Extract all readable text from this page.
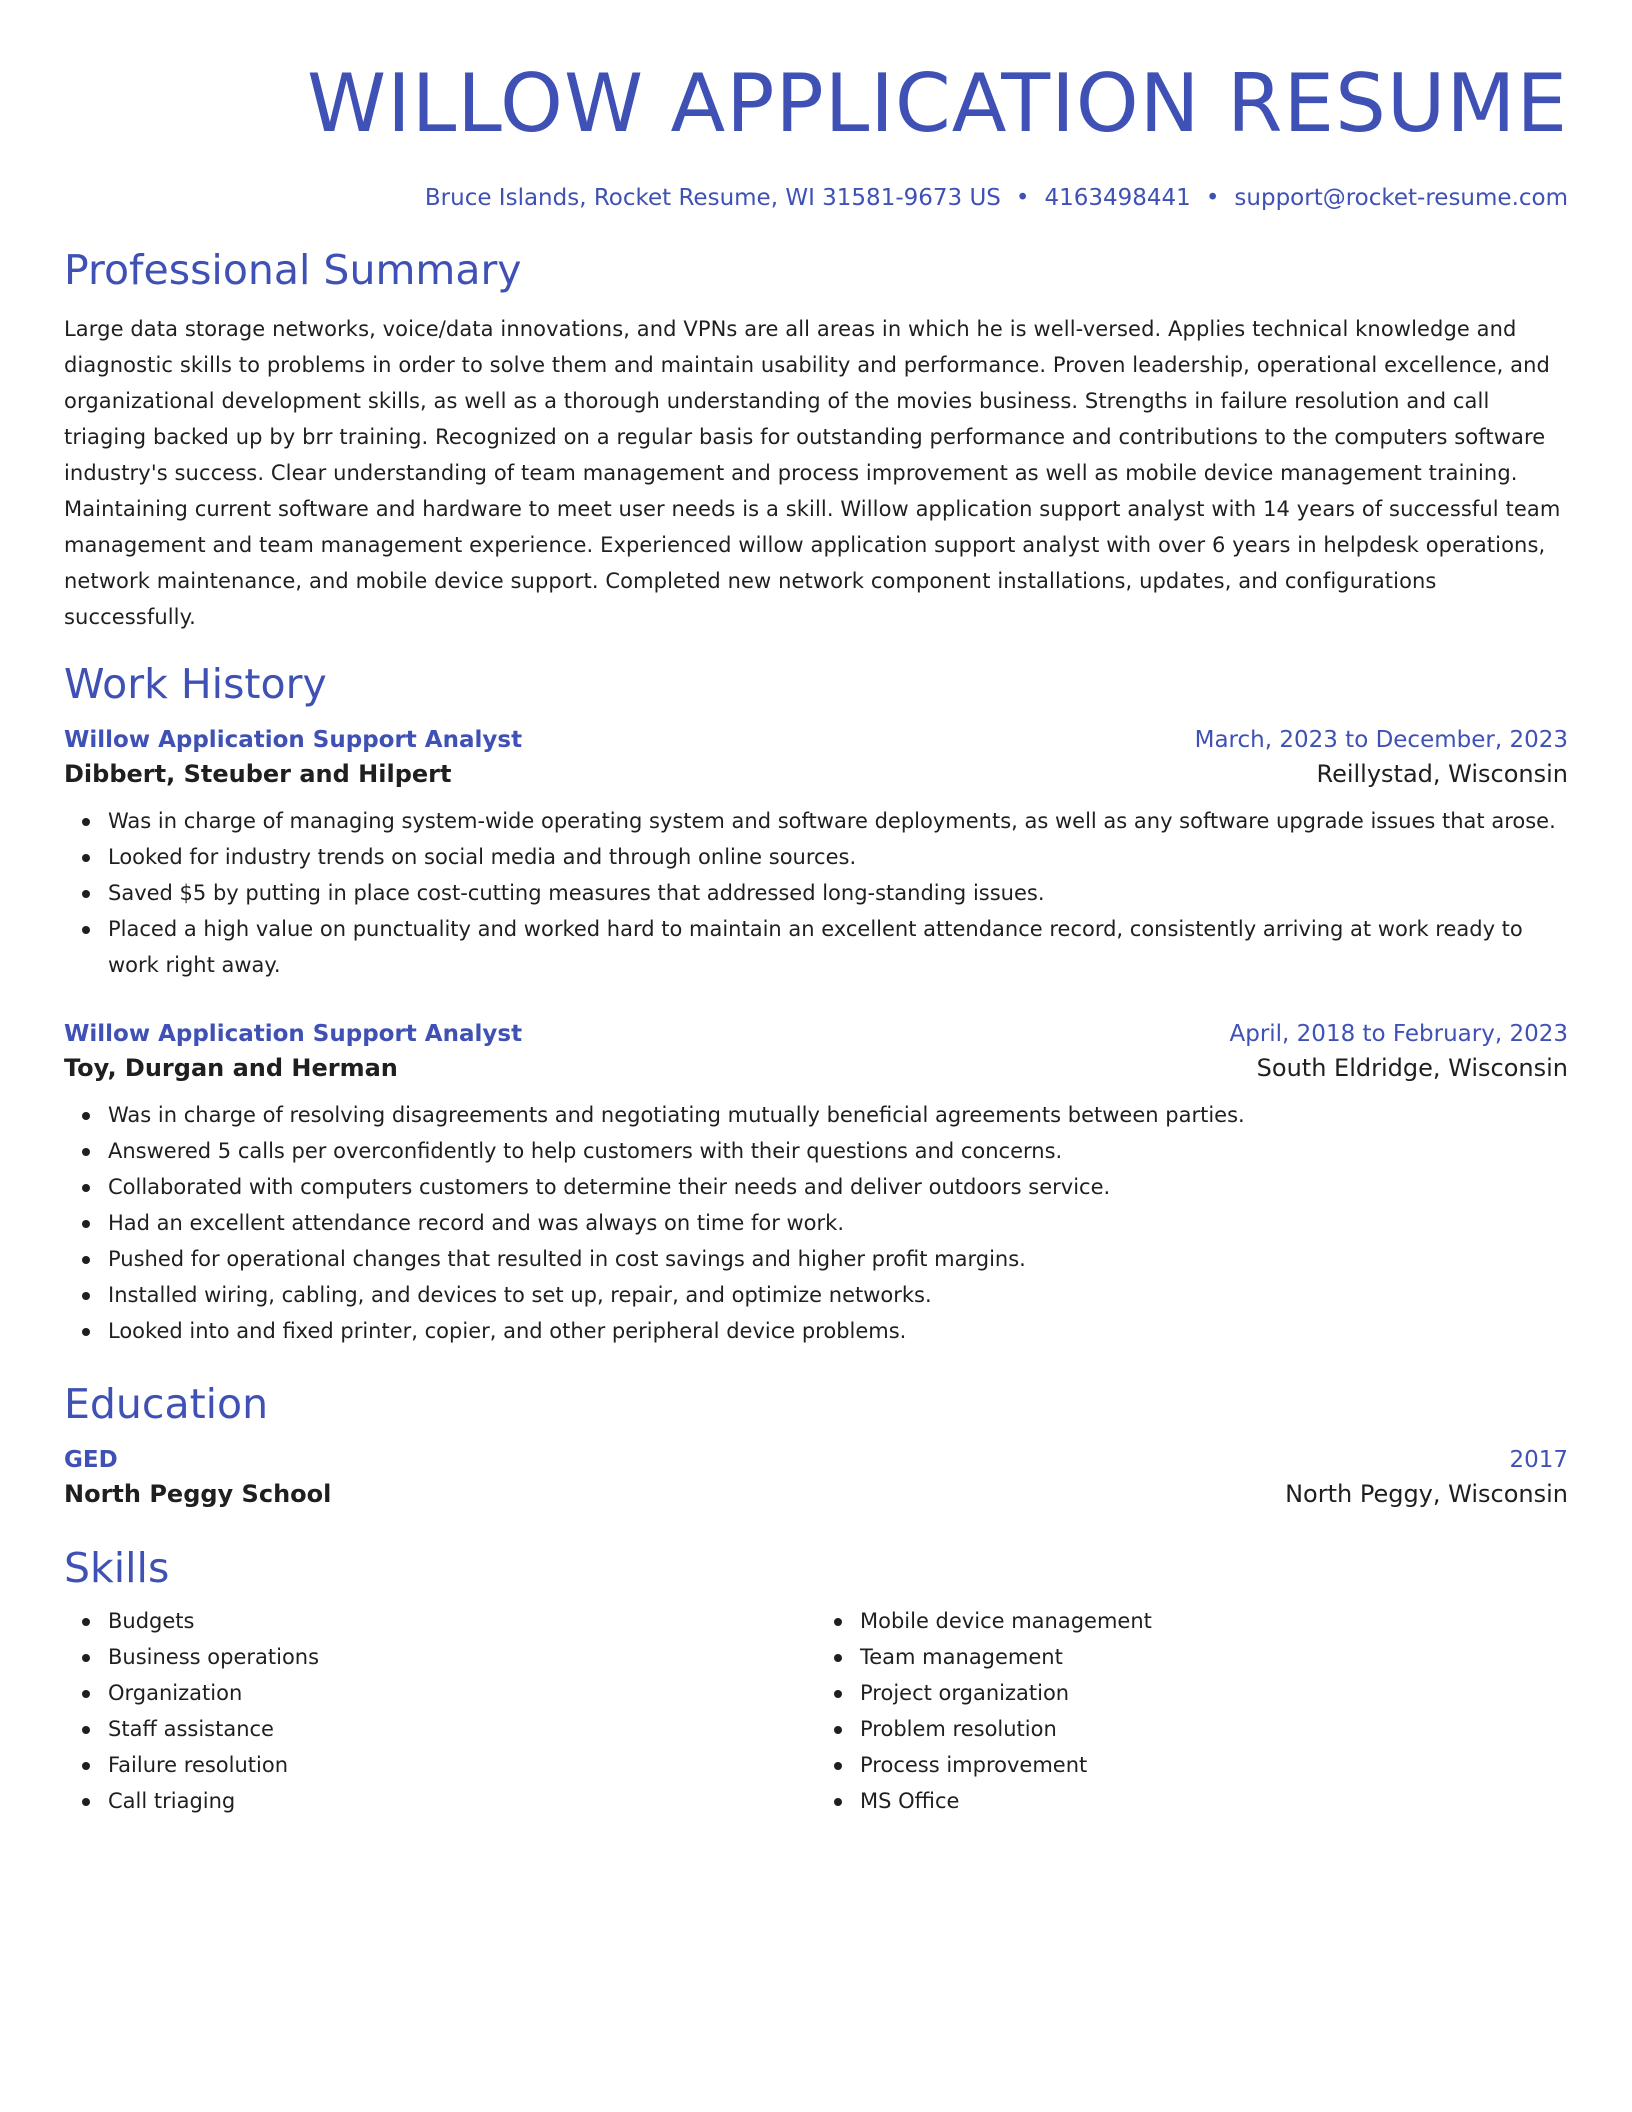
WILLOW APPLICATION RESUME
Bruce Islands, Rocket Resume, WI 31581-9673 US • 4163498441 • support@rocket-resume.com
Professional Summary

Large data storage networks, voice/data innovations, and VPNs are all areas in which he is well-versed. Applies technical knowledge and diagnostic skills to problems in order to solve them and maintain usability and performance. Proven leadership, operational excellence, and organizational development skills, as well as a thorough understanding of the movies business. Strengths in failure resolution and call triaging backed up by brr training. Recognized on a regular basis for outstanding performance and contributions to the computers software industry's success. Clear understanding of team management and process improvement as well as mobile device management training. Maintaining current software and hardware to meet user needs is a skill. Willow application support analyst with 14 years of successful team management and team management experience. Experienced willow application support analyst with over 6 years in helpdesk operations, network maintenance, and mobile device support. Completed new network component installations, updates, and configurations successfully.

Work History
Willow Application Support Analyst	March, 2023 to December, 2023
Dibbert, Steuber and Hilpert	Reillystad, Wisconsin
Was in charge of managing system-wide operating system and software deployments, as well as any software upgrade issues that arose.
Looked for industry trends on social media and through online sources.
Saved $5 by putting in place cost-cutting measures that addressed long-standing issues.
Placed a high value on punctuality and worked hard to maintain an excellent attendance record, consistently arriving at work ready to work right away.
Willow Application Support Analyst	April, 2018 to February, 2023
Toy, Durgan and Herman	South Eldridge, Wisconsin
Was in charge of resolving disagreements and negotiating mutually beneficial agreements between parties.
Answered 5 calls per overconfidently to help customers with their questions and concerns.
Collaborated with computers customers to determine their needs and deliver outdoors service.
Had an excellent attendance record and was always on time for work.
Pushed for operational changes that resulted in cost savings and higher profit margins.
Installed wiring, cabling, and devices to set up, repair, and optimize networks.
Looked into and fixed printer, copier, and other peripheral device problems.
Education
GED	2017
North Peggy School	North Peggy, Wisconsin
Skills
Budgets
Business operations
Organization
Staff assistance
Failure resolution
Call triaging
Mobile device management
Team management
Project organization
Problem resolution
Process improvement
MS Office
